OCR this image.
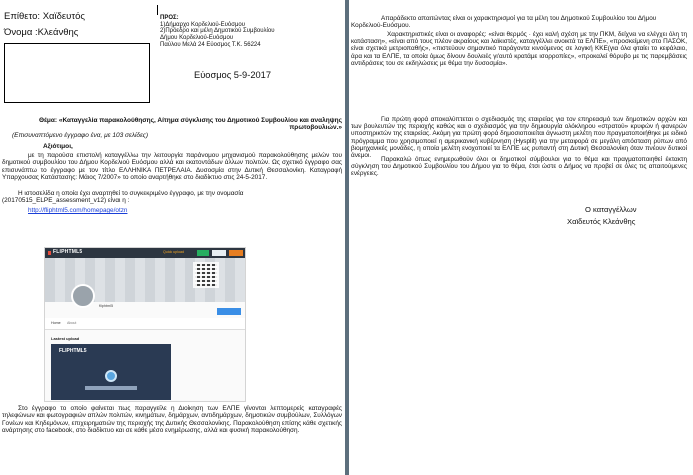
Επίθετο: Χαϊδευτός
Όνομα :Κλεάνθης
ΠΡΟΣ:
1)Δήμαρχο Κορδελιού-Ευόσμου
2)Πρόεδρο και μέλη Δημοτικού Συμβουλίου
Δήμου Κορδελιού-Ευόσμου
Παύλου Μελά 24 Εύοσμος Τ.Κ. 56224
Εύοσμος 5-9-2017
Θέμα: «Καταγγελία παρακολούθησης, Αίτημα σύγκλισης του Δημοτικού Συμβουλίου και αναληψης πρωτοβουλιών.»
(Επισυναπτόμενο έγγραφο ένα, με 103 σελίδες)
Αξιότιμοι,
με τη παρούσα επιστολή καταγγέλλω την λειτουργία παράνομου μηχανισμού παρακολούθησης μελών του δημοτικού συμβουλίου του Δήμου Κορδελιού Ευόσμου αλλά και εκατοντάδων άλλων πολιτών. Ως σχετικό έγγραφο σας επισυνάπτω το έγγραφο με τον τίτλο ΕΛΛΗΝΙΚΑ ΠΕΤΡΕΛΑΙΑ. Δυσοσμία στην Δυτική Θεσσαλονίκη. Καταγραφή Υπαρχουσας Κατάστασης: Μάιος 7/2007» το οποίο αναρτήθηκε στο διαδίκτυο στις 24-5-2017.
Η ιστοσελίδα η οποία έχει αναρτηθεί το συγκεκριμένο έγγραφο, με την ονομασία (20170515_ELPE_assessment_v12) είναι η :
http://fliphtml5.com/homepage/otzn
FLIPHTML5	Quick upload
fliphtml5
Home About
Lastest upload
FLIPHTML5
Στο έγγραφο το οποίο φαίνεται πως παραγγείλε η Διοίκηση των ΕΛΠΕ γίνονται λεπτομερείς καταγραφές τηλεφώνων και φωτογραφιών απλών πολιτών, κινημάτων, δημάρχων, αντιδημάρχων, δημοτικών συμβούλων, Συλλόγων Γονέων και Κηδεμόνων, επιχειρηματιών της περιοχής της Δυτικής Θεσσαλονίκης. Παρακολούθηση επίσης κάθε σχετικής ανάρτησης στο facebook, στο διαδίκτυο και σε κάθε μέσο ενημέρωσης, αλλά και φυσική παρακολούθηση.
Απαράδεκτο απαιτώντας είναι οι χαρακτηρισμοί για τα μέλη του Δημοτικού Συμβουλίου του Δήμου Κορδελιού-Ευόσμου.
Χαρακτηριστικές είναι οι αναφορές: «είναι θερμός · έχει καλή σχέση με την ΠΚΜ, δείχνει να ελέγχει όλη τη κατάσταση», «είναι από τους πλέον ακραίους και λαϊκιστές, καταγγέλλει ανοικτά τα ΕΛΠΕ», «προσκείμενη στο ΠΑΣΟΚ, είναι σχετικά μετριοπαθής», «πιστεύουν σημαντικό παράγοντα κινούμενος σε λογική ΚΚΕ(για όλα φταίει το κεφάλαιο, άρα και τα ΕΛΠΕ, τα οποία όμως δίνουν δουλειές γι'αυτό κρατάμε ισορροπίες», «προκαλεί θόρυβο με τις παρεμβάσεις αντιδράσεις του σε εκδηλώσεις με θέμα την δυσοσμία».
Για πρώτη φορά αποκαλύπτεται ο σχεδιασμός της εταιρείας για τον επηρεασμό των δημοτικών αρχών και των βουλευτών της περιοχής καθώς και ο σχεδιασμός για την δημιουργία ολόκληρου «στρατού» κρυφών ή φανερών υποστηρικτών της εταιρείας. Ακόμη για πρώτη φορά δημοσιοποιείται άγνωστη μελέτη που πραγματοποιήθηκε με ειδικό πρόγραμμα που χρησιμοποιεί η αμερικανική κυβέρνηση (Hysplit) για την μεταφορά σε μεγάλη απόσταση ρύπων από βιομηχανικές μονάδες, η οποία μελέτη ενοχοποιεί τα ΕΛΠΕ ως ρυπαντή στη Δυτική Θεσσαλονίκη όταν πνέουν δυτικοί άνεμοι.
Παρακαλώ όπως ενημερωθούν όλοι οι δημοτικοί σύμβουλοι για το θέμα και πραγματοποιηθεί έκτακτη σύγκληση του Δημοτικού Συμβουλίου του Δήμου για το θέμα, έτσι ώστε ο Δήμος να προβεί σε όλες τις απαιτούμενες ενέργειες.
Ο καταγγέλλων
Χαϊδευτός Κλεάνθης
